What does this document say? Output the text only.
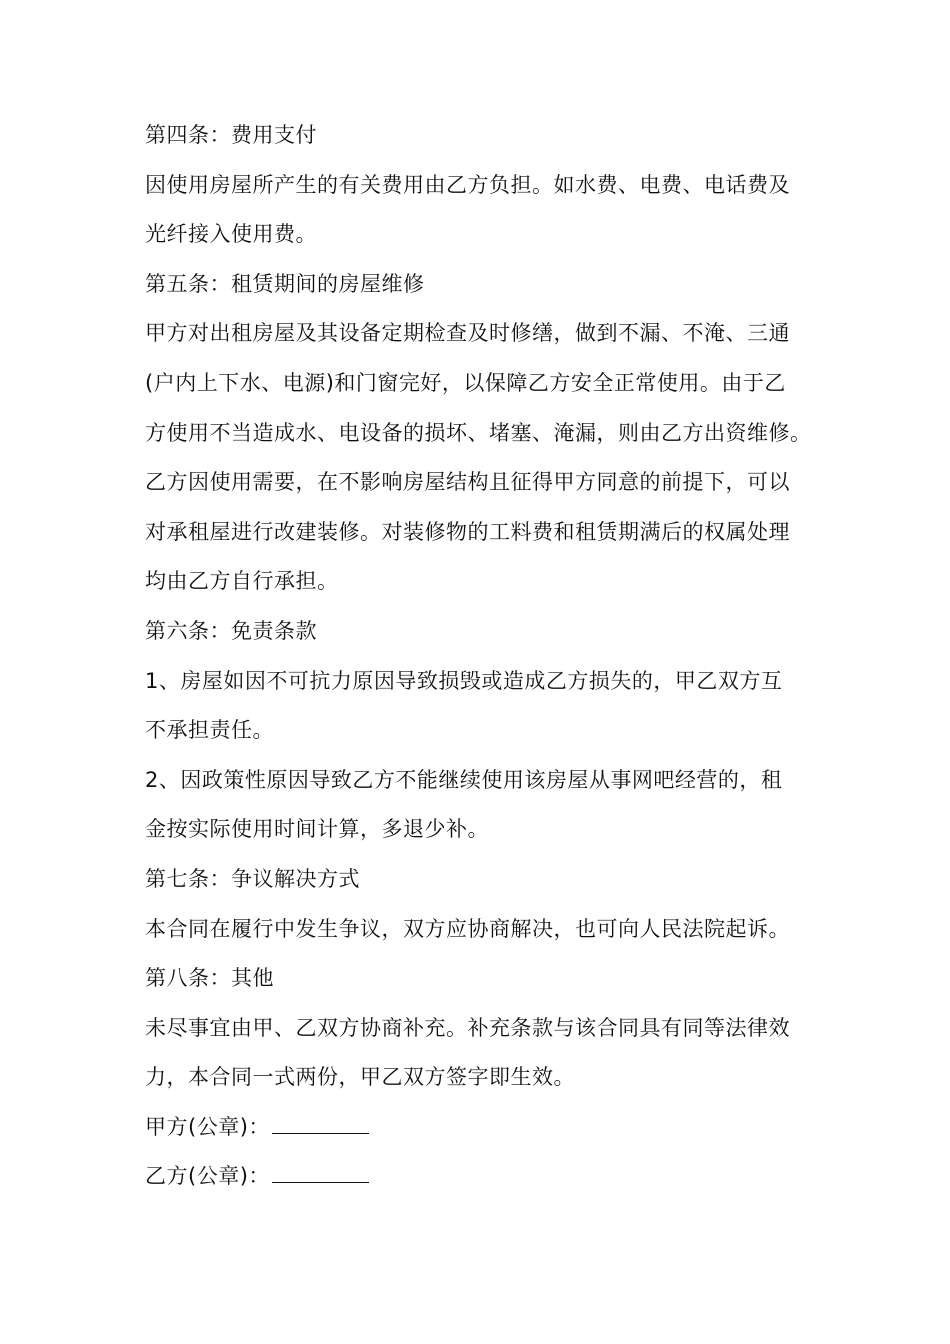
第四条：费用支付
因使用房屋所产生的有关费用由乙方负担。如水费、电费、电话费及
光纤接入使用费。
第五条：租赁期间的房屋维修
甲方对出租房屋及其设备定期检查及时修缮，做到不漏、不淹、三通
(户内上下水、电源)和门窗完好，以保障乙方安全正常使用。由于乙
方使用不当造成水、电设备的损坏、堵塞、淹漏，则由乙方出资维修。
乙方因使用需要，在不影响房屋结构且征得甲方同意的前提下，可以
对承租屋进行改建装修。对装修物的工料费和租赁期满后的权属处理
均由乙方自行承担。
第六条：免责条款
1、房屋如因不可抗力原因导致损毁或造成乙方损失的，甲乙双方互
不承担责任。
2、因政策性原因导致乙方不能继续使用该房屋从事网吧经营的，租
金按实际使用时间计算，多退少补。
第七条：争议解决方式
本合同在履行中发生争议，双方应协商解决，也可向人民法院起诉。
第八条：其他
未尽事宜由甲、乙双方协商补充。补充条款与该合同具有同等法律效
力，本合同一式两份，甲乙双方签字即生效。
甲方(公章)：
乙方(公章)：
